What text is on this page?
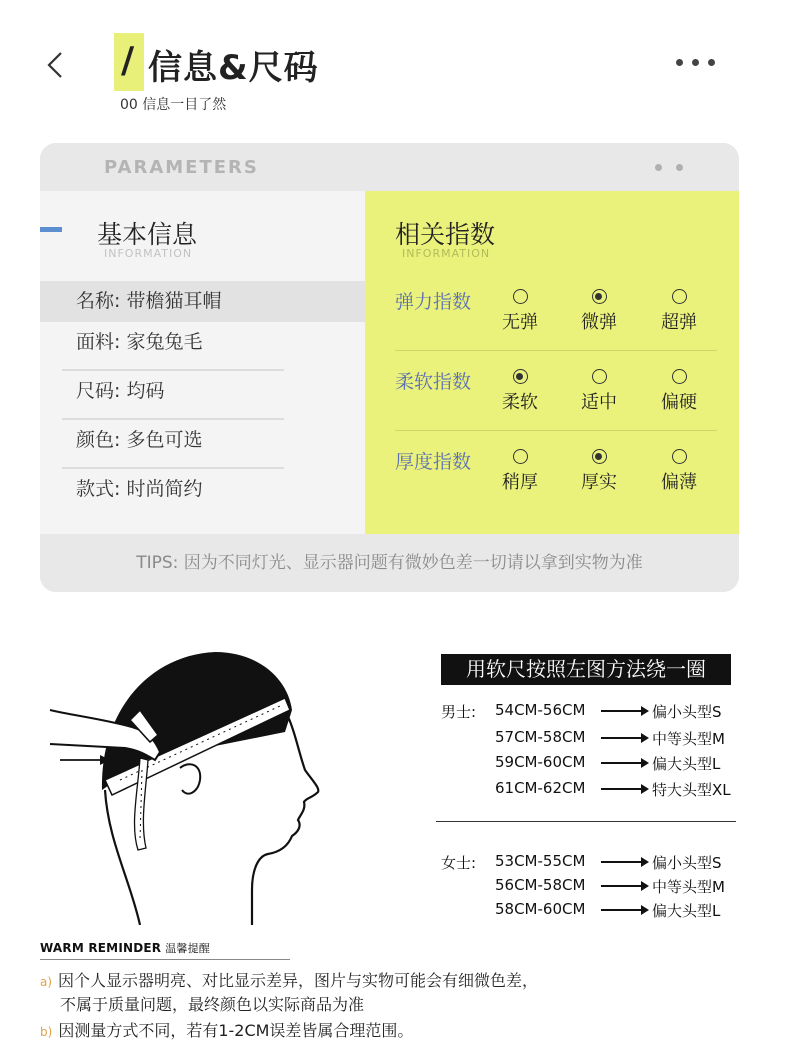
/ 信息&尺码
00 信息一目了然
PARAMETERS
基本信息
INFORMATION
名称: 带檐猫耳帽
面料: 家兔兔毛
尺码: 均码
颜色: 多色可选
款式: 时尚简约
相关指数
INFORMATION
弹力指数
无弹 微弹 超弹
柔软指数
柔软 适中 偏硬
厚度指数
稍厚 厚实 偏薄
TIPS: 因为不同灯光、显示器问题有微妙色差一切请以拿到实物为准
用软尺按照左图方法绕一圈
男士: 54CM-56CM	偏小头型S
57CM-58CM	中等头型M
59CM-60CM	偏大头型L
61CM-62CM	特大头型XL
女士: 53CM-55CM	偏小头型S
56CM-58CM	中等头型M
58CM-60CM	偏大头型L
WARM REMINDER 温馨提醒
a) 因个人显示器明亮、对比显示差异，图片与实物可能会有细微色差，
不属于质量问题，最终颜色以实际商品为准
b) 因测量方式不同，若有1-2CM误差皆属合理范围。
